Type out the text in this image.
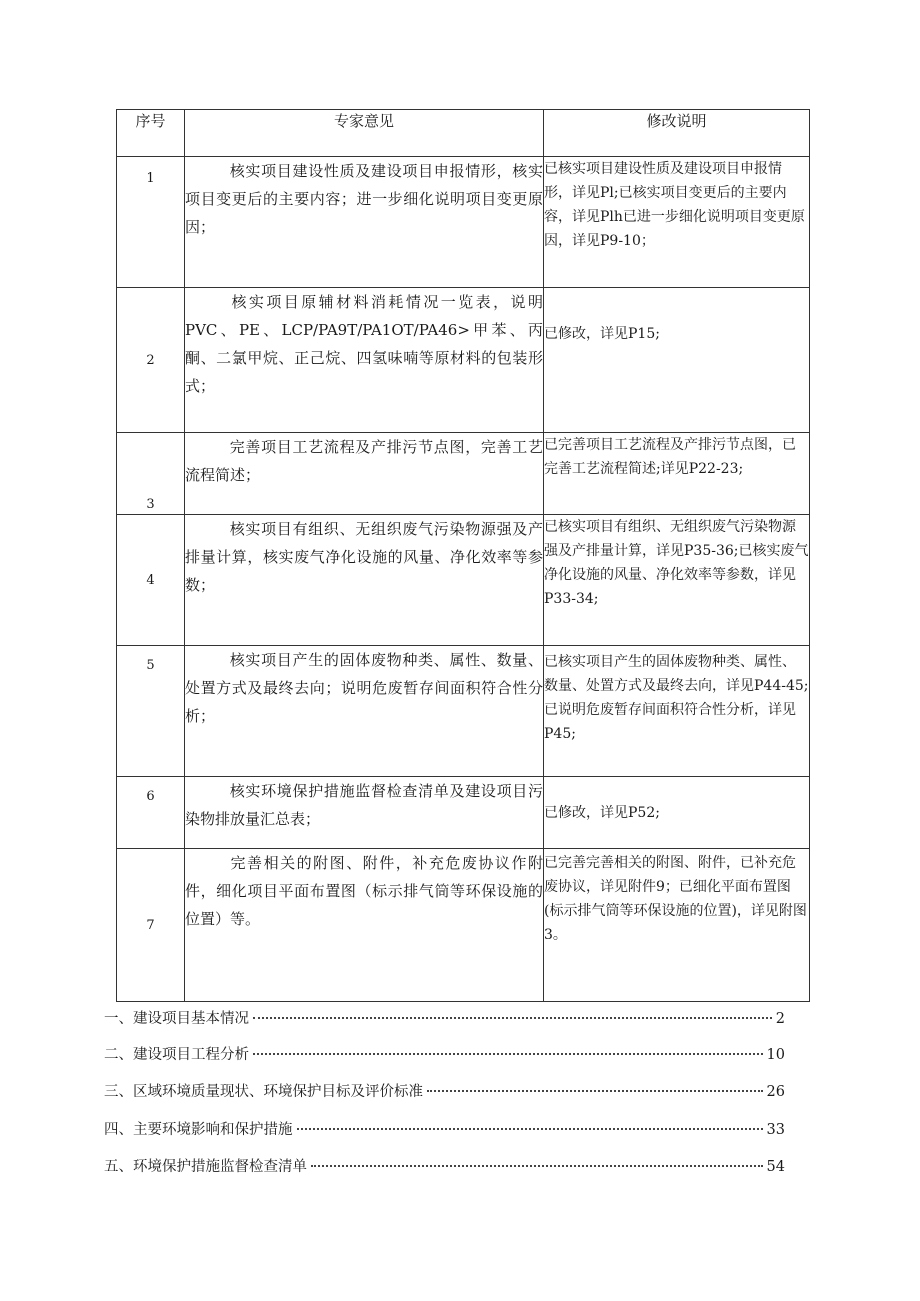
序号	专家意见	修改说明
1	核实项目建设性质及建设项目申报情形，核实项目变更后的主要内容；进一步细化说明项目变更原因；	已核实项目建设性质及建设项目申报情形，详见Pl;已核实项目变更后的主要内容，详见Plh已进一步细化说明项目变更原因，详见P9-10；
2	核实项目原辅材料消耗情况一览表，说明PVC、PE、LCP/PA9T/PA1OT/PA46>甲苯、丙酮、二氯甲烷、正己烷、四氢味喃等原材料的包装形式；	已修改，详见P15;
3	完善项目工艺流程及产排污节点图，完善工艺流程简述；	已完善项目工艺流程及产排污节点图，已完善工艺流程简述;详见P22-23;
4	核实项目有组织、无组织废气污染物源强及产排量计算，核实废气净化设施的风量、净化效率等参数；	已核实项目有组织、无组织废气污染物源强及产排量计算，详见P35-36;已核实废气净化设施的风量、净化效率等参数，详见P33-34;
5	核实项目产生的固体废物种类、属性、数量、处置方式及最终去向；说明危废暂存间面积符合性分析；	已核实项目产生的固体废物种类、属性、数量、处置方式及最终去向，详见P44-45;已说明危废暂存间面积符合性分析，详见P45;
6	核实环境保护措施监督检查清单及建设项目污染物排放量汇总表；	已修改，详见P52;
7	完善相关的附图、附件，补充危废协议作附件，细化项目平面布置图（标示排气筒等环保设施的位置）等。	已完善完善相关的附图、附件，已补充危废协议，详见附件9；已细化平面布置图(标示排气筒等环保设施的位置)，详见附图3。
一、建设项目基本情况	2
二、建设项目工程分析	10
三、区域环境质量现状、环境保护目标及评价标准	26
四、主要环境影响和保护措施	33
五、环境保护措施监督检查清单	54
